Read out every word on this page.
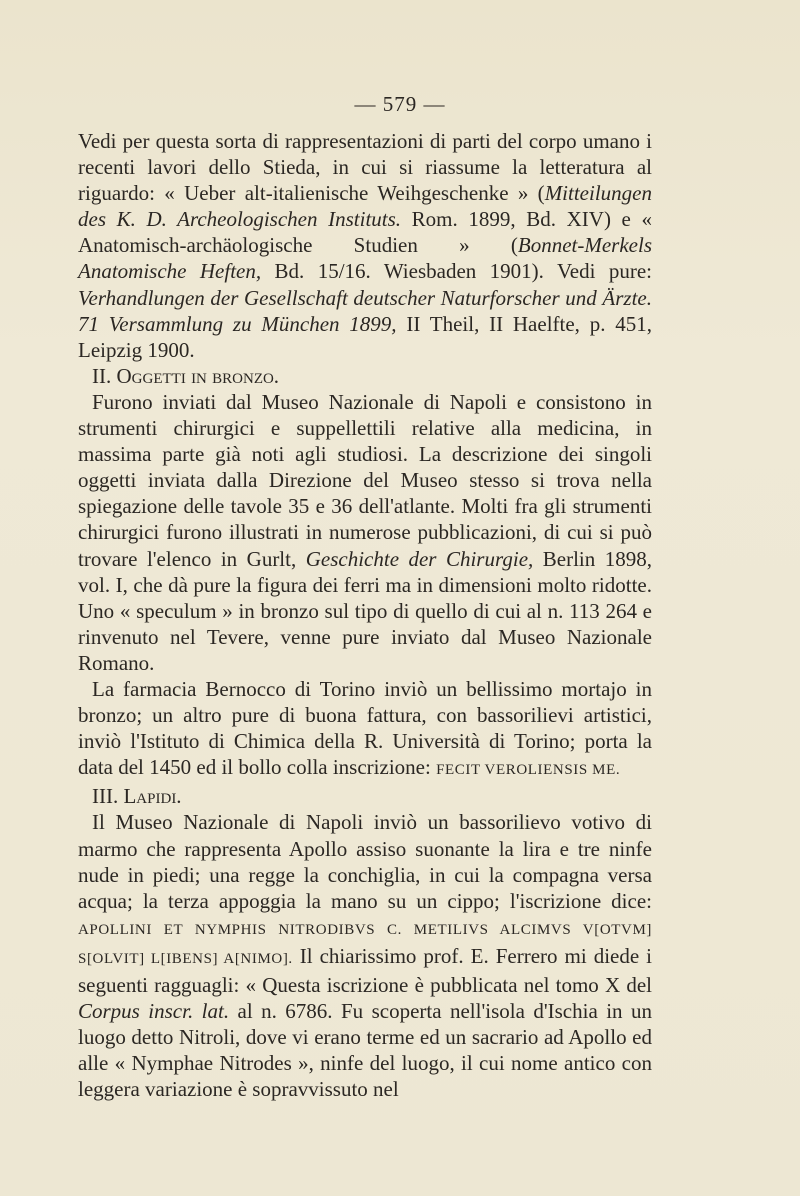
— 579 —

Vedi per questa sorta di rappresentazioni di parti del corpo umano i recenti lavori dello Stieda, in cui si riassume la letteratura al riguardo: « Ueber alt-italienische Weihgeschenke » (Mitteilungen des K. D. Archeologischen Instituts. Rom. 1899, Bd. XIV) e « Anatomisch-archäologische Studien » (Bonnet-Merkels Anatomische Heften, Bd. 15/16. Wiesbaden 1901). Vedi pure: Verhandlungen der Gesellschaft deutscher Naturforscher und Ärzte. 71 Versammlung zu München 1899, II Theil, II Haelfte, p. 451, Leipzig 1900.

II. Oggetti in bronzo.

Furono inviati dal Museo Nazionale di Napoli e consistono in strumenti chirurgici e suppellettili relative alla medicina, in massima parte già noti agli studiosi. La descrizione dei singoli oggetti inviata dalla Direzione del Museo stesso si trova nella spiegazione delle tavole 35 e 36 dell'atlante. Molti fra gli strumenti chirurgici furono illustrati in numerose pubblicazioni, di cui si può trovare l'elenco in Gurlt, Geschichte der Chirurgie, Berlin 1898, vol. I, che dà pure la figura dei ferri ma in dimensioni molto ridotte. Uno « speculum » in bronzo sul tipo di quello di cui al n. 113 264 e rinvenuto nel Tevere, venne pure inviato dal Museo Nazionale Romano.

La farmacia Bernocco di Torino inviò un bellissimo mortajo in bronzo; un altro pure di buona fattura, con bassorilievi artistici, inviò l'Istituto di Chimica della R. Università di Torino; porta la data del 1450 ed il bollo colla inscrizione: FECIT VEROLIENSIS ME.

III. Lapidi.

Il Museo Nazionale di Napoli inviò un bassorilievo votivo di marmo che rappresenta Apollo assiso suonante la lira e tre ninfe nude in piedi; una regge la conchiglia, in cui la compagna versa acqua; la terza appoggia la mano su un cippo; l'iscrizione dice: APOLLINI ET NYMPHIS NITRODIBVS C. METILIVS ALCIMVS V[OTVM] S[OLVIT] L[IBENS] A[NIMO]. Il chiarissimo prof. E. Ferrero mi diede i seguenti ragguagli: « Questa iscrizione è pubblicata nel tomo X del Corpus inscr. lat. al n. 6786. Fu scoperta nell'isola d'Ischia in un luogo detto Nitroli, dove vi erano terme ed un sacrario ad Apollo ed alle « Nymphae Nitrodes », ninfe del luogo, il cui nome antico con leggera variazione è sopravvissuto nel
